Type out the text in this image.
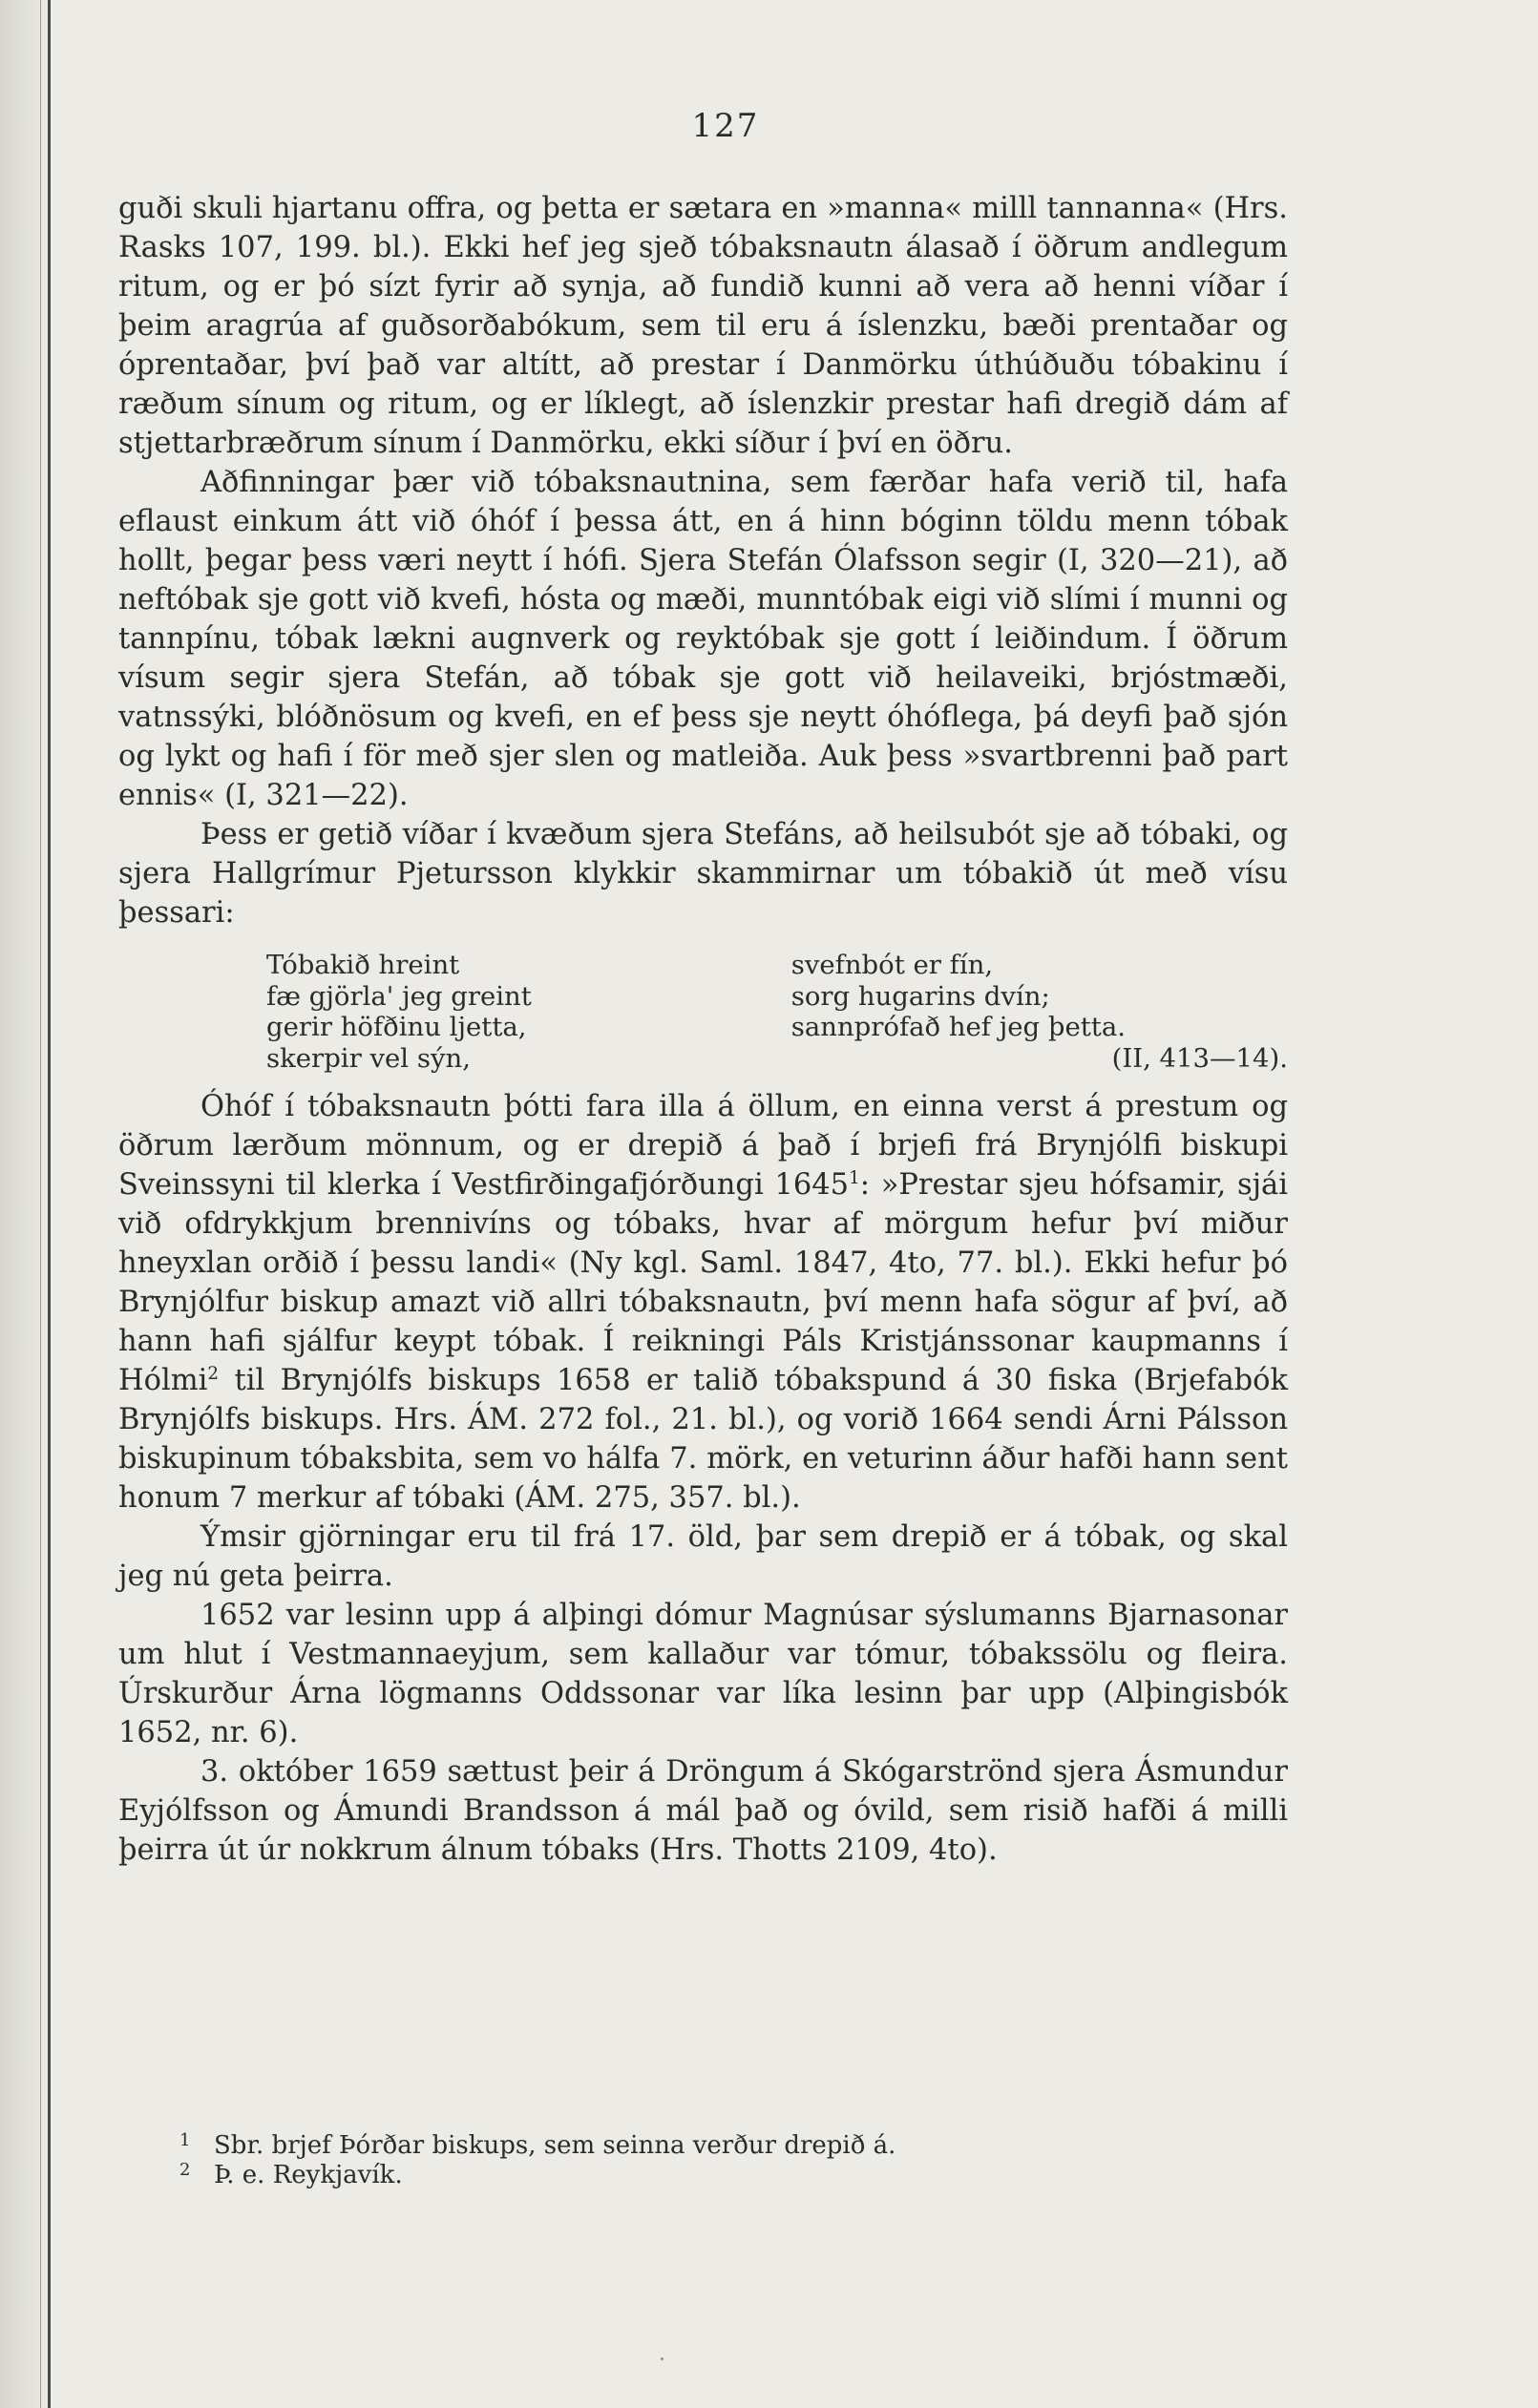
127

guði skuli hjartanu offra, og þetta er sætara en »manna« milll tannanna« (Hrs. Rasks 107, 199. bl.). Ekki hef jeg sjeð tóbaksnautn álasað í öðrum andlegum ritum, og er þó sízt fyrir að synja, að fundið kunni að vera að henni víðar í þeim aragrúa af guðsorðabókum, sem til eru á íslenzku, bæði prentaðar og óprentaðar, því það var altítt, að prestar í Danmörku úthúðuðu tóbakinu í ræðum sínum og ritum, og er líklegt, að íslenzkir prestar hafi dregið dám af stjettarbræðrum sínum í Danmörku, ekki síður í því en öðru.

Aðfinningar þær við tóbaksnautnina, sem færðar hafa verið til, hafa eflaust einkum átt við óhóf í þessa átt, en á hinn bóginn töldu menn tóbak hollt, þegar þess væri neytt í hófi. Sjera Stefán Ólafsson segir (I, 320—21), að neftóbak sje gott við kvefi, hósta og mæði, munntóbak eigi við slími í munni og tannpínu, tóbak lækni augnverk og reyktóbak sje gott í leiðindum. Í öðrum vísum segir sjera Stefán, að tóbak sje gott við heilaveiki, brjóstmæði, vatnssýki, blóðnösum og kvefi, en ef þess sje neytt óhóflega, þá deyfi það sjón og lykt og hafi í för með sjer slen og matleiða. Auk þess »svartbrenni það part ennis« (I, 321—22).

Þess er getið víðar í kvæðum sjera Stefáns, að heilsubót sje að tóbaki, og sjera Hallgrímur Pjetursson klykkir skammirnar um tóbakið út með vísu þessari:

Tóbakið hreint
fæ gjörla' jeg greint
gerir höfðinu ljetta,
skerpir vel sýn,
svefnbót er fín,
sorg hugarins dvín;
sannprófað hef jeg þetta.
(II, 413—14).

Óhóf í tóbaksnautn þótti fara illa á öllum, en einna verst á prestum og öðrum lærðum mönnum, og er drepið á það í brjefi frá Brynjólfi biskupi Sveinssyni til klerka í Vestfirðingafjórðungi 1645$^1$: »Prestar sjeu hófsamir, sjái við ofdrykkjum brennivíns og tóbaks, hvar af mörgum hefur því miður hneyxlan orðið í þessu landi« (Ny kgl. Saml. 1847, 4to, 77. bl.). Ekki hefur þó Brynjólfur biskup amazt við allri tóbaksnautn, því menn hafa sögur af því, að hann hafi sjálfur keypt tóbak. Í reikningi Páls Kristjánssonar kaupmanns í Hólmi$^2$ til Brynjólfs biskups 1658 er talið tóbakspund á 30 fiska (Brjefabók Brynjólfs biskups. Hrs. ÁM. 272 fol., 21. bl.), og vorið 1664 sendi Árni Pálsson biskupinum tóbaksbita, sem vo hálfa 7. mörk, en veturinn áður hafði hann sent honum 7 merkur af tóbaki (ÁM. 275, 357. bl.).

Ýmsir gjörningar eru til frá 17. öld, þar sem drepið er á tóbak, og skal jeg nú geta þeirra.

1652 var lesinn upp á alþingi dómur Magnúsar sýslumanns Bjarnasonar um hlut í Vestmannaeyjum, sem kallaður var tómur, tóbakssölu og fleira. Úrskurður Árna lögmanns Oddssonar var líka lesinn þar upp (Alþingisbók 1652, nr. 6).

3. október 1659 sættust þeir á Dröngum á Skógarströnd sjera Ásmundur Eyjólfsson og Ámundi Brandsson á mál það og óvild, sem risið hafði á milli þeirra út úr nokkrum álnum tóbaks (Hrs. Thotts 2109, 4to).

1 Sbr. brjef Þórðar biskups, sem seinna verður drepið á.
2 Þ. e. Reykjavík.
